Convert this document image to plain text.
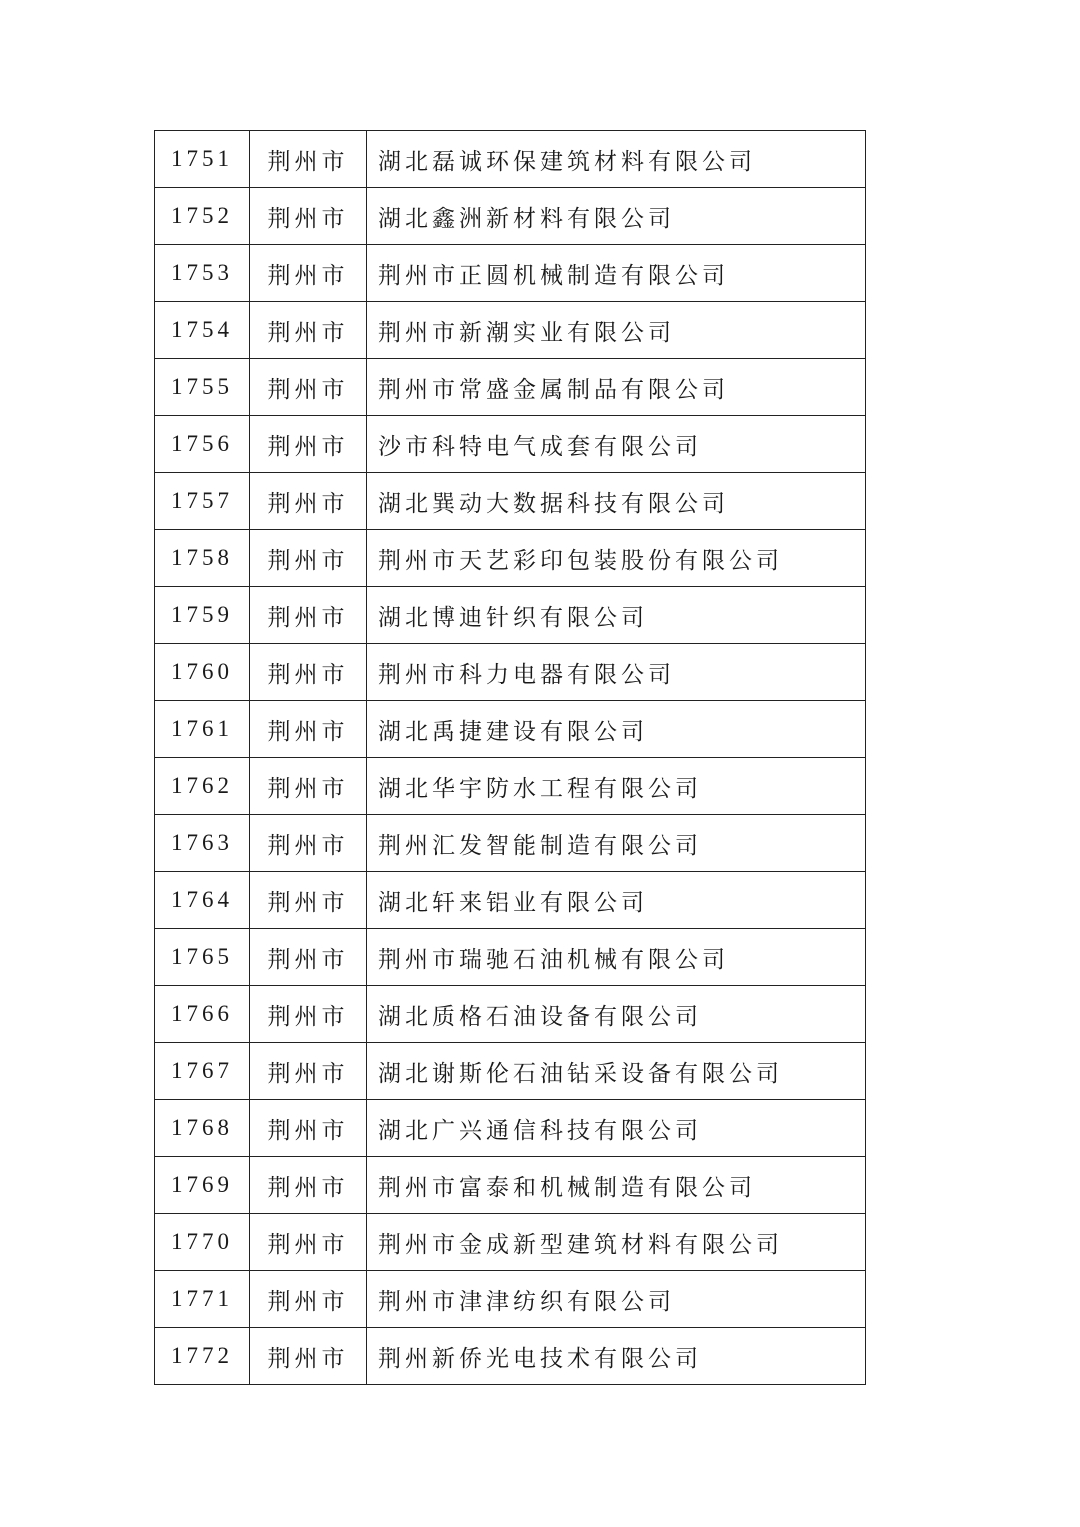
1751	荆州市	湖北磊诚环保建筑材料有限公司
1752	荆州市	湖北鑫洲新材料有限公司
1753	荆州市	荆州市正圆机械制造有限公司
1754	荆州市	荆州市新潮实业有限公司
1755	荆州市	荆州市常盛金属制品有限公司
1756	荆州市	沙市科特电气成套有限公司
1757	荆州市	湖北巽动大数据科技有限公司
1758	荆州市	荆州市天艺彩印包装股份有限公司
1759	荆州市	湖北博迪针织有限公司
1760	荆州市	荆州市科力电器有限公司
1761	荆州市	湖北禹捷建设有限公司
1762	荆州市	湖北华宇防水工程有限公司
1763	荆州市	荆州汇发智能制造有限公司
1764	荆州市	湖北轩来铝业有限公司
1765	荆州市	荆州市瑞驰石油机械有限公司
1766	荆州市	湖北质格石油设备有限公司
1767	荆州市	湖北谢斯伦石油钻采设备有限公司
1768	荆州市	湖北广兴通信科技有限公司
1769	荆州市	荆州市富泰和机械制造有限公司
1770	荆州市	荆州市金成新型建筑材料有限公司
1771	荆州市	荆州市津津纺织有限公司
1772	荆州市	荆州新侨光电技术有限公司
